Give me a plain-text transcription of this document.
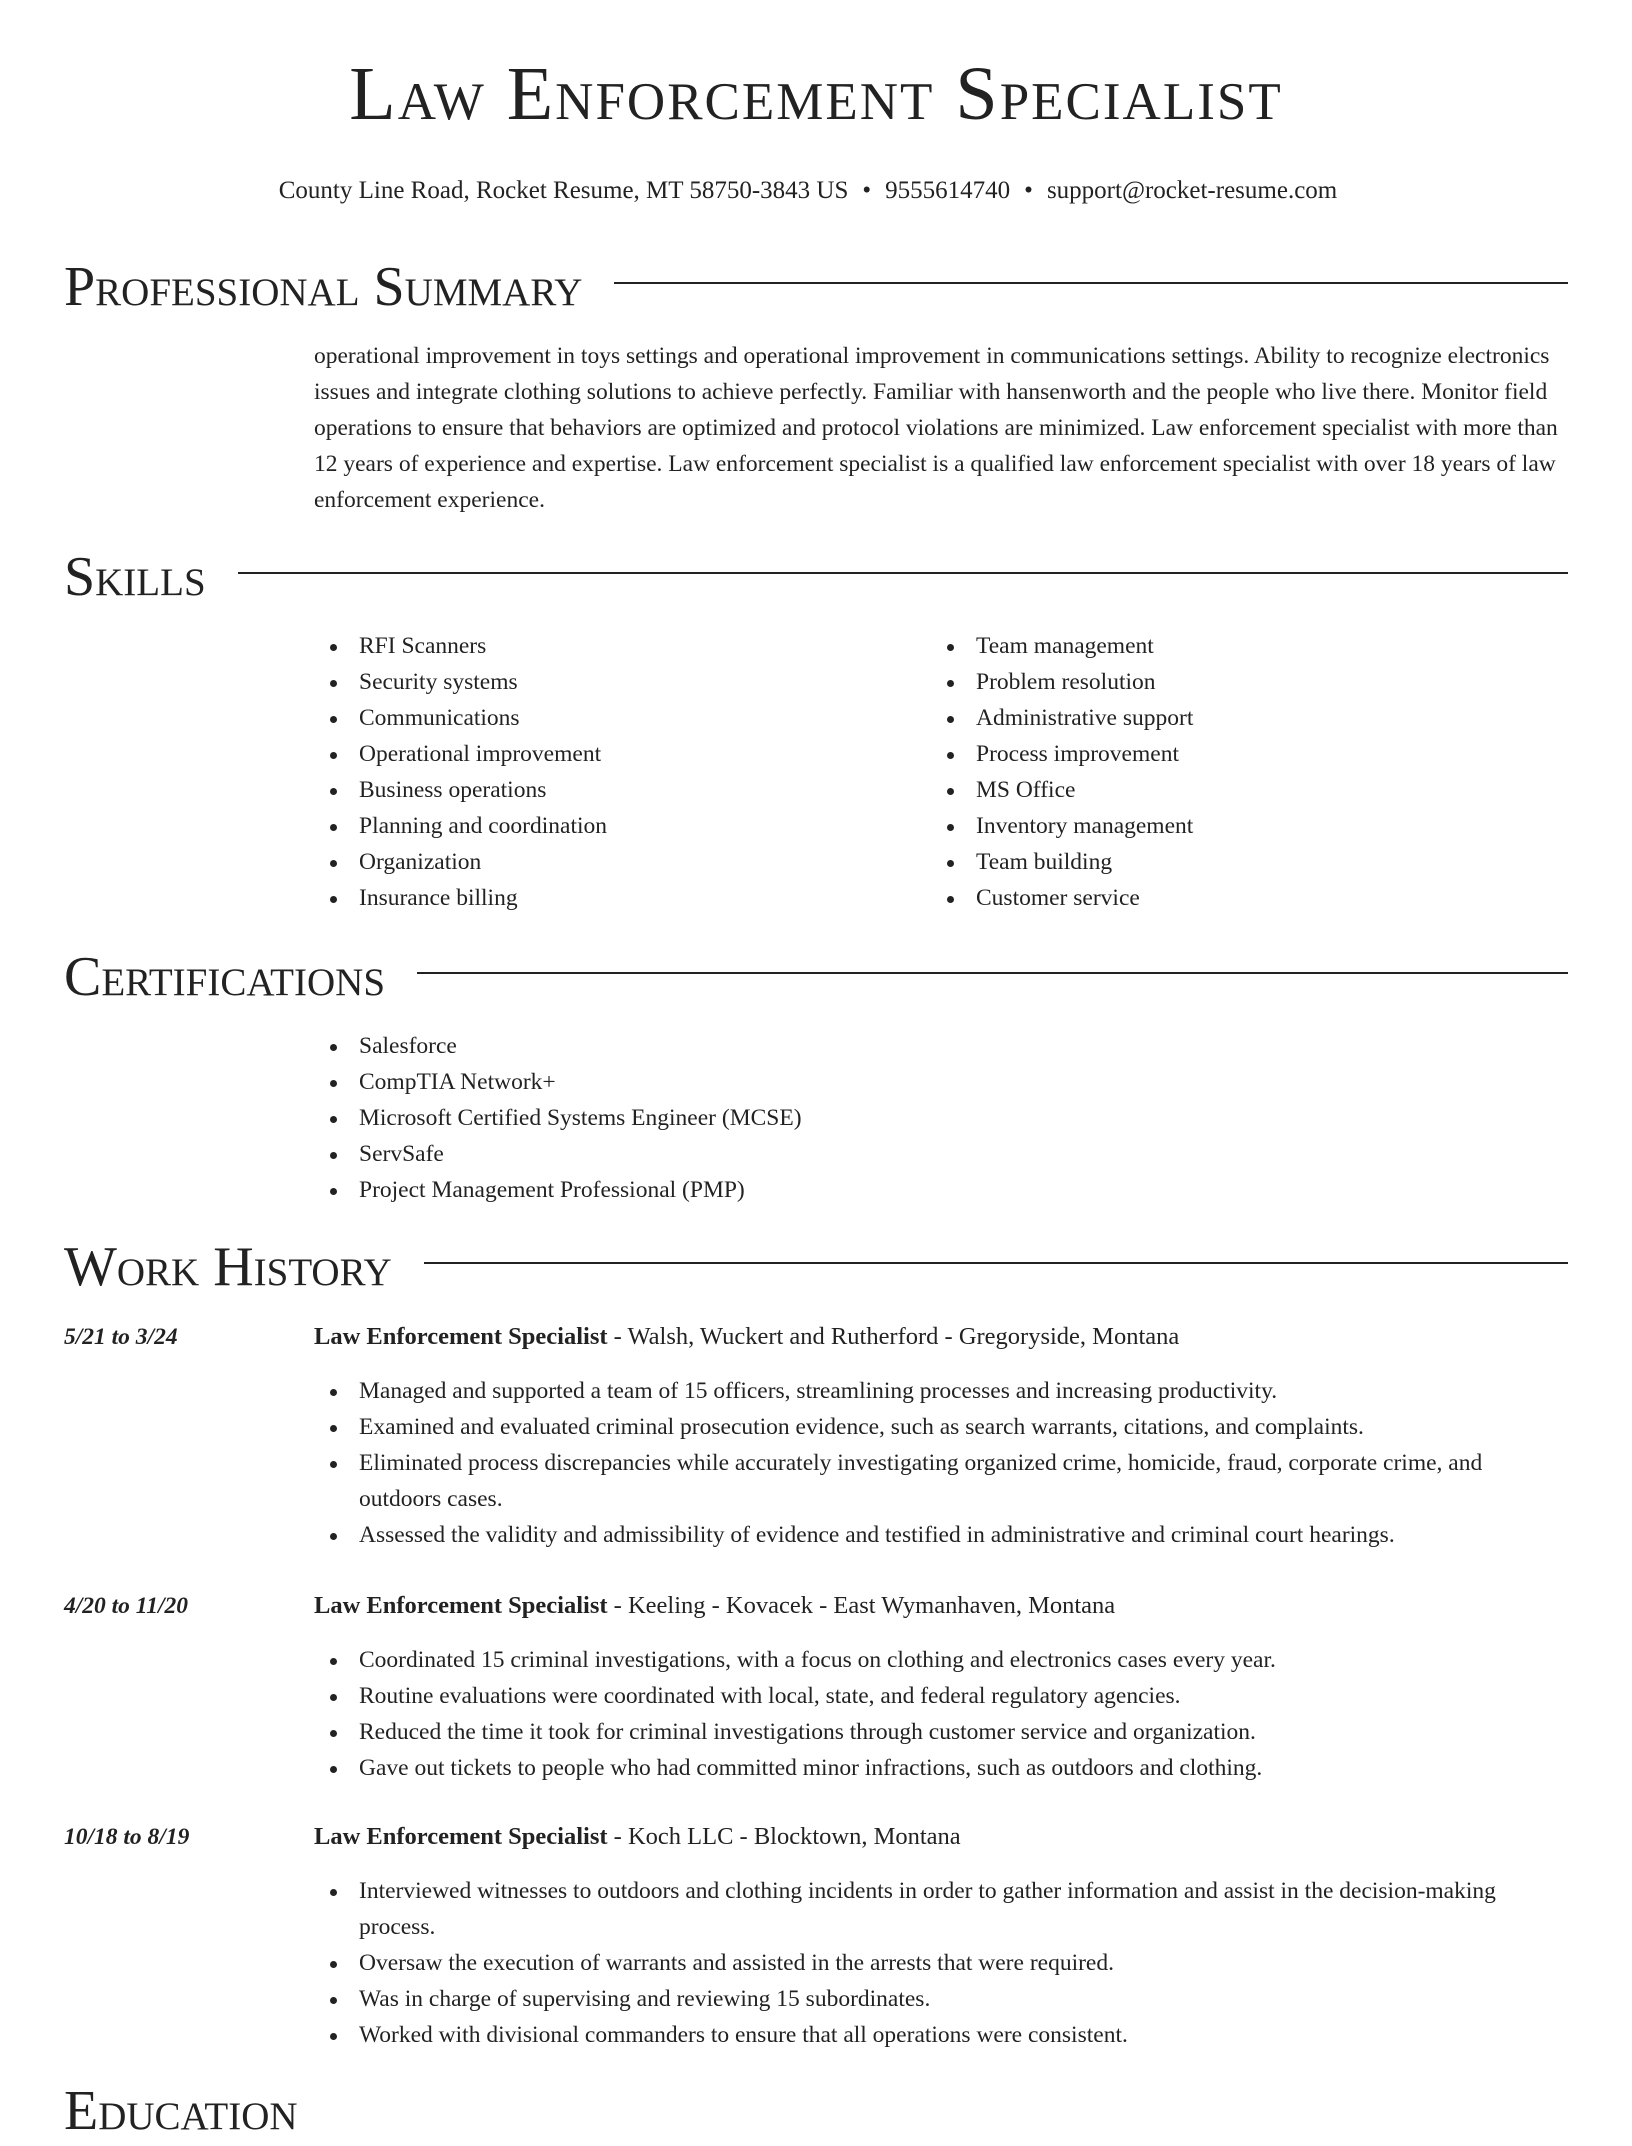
Law Enforcement Specialist
County Line Road, Rocket Resume, MT 58750-3843 US • 9555614740 • support@rocket-resume.com
Professional Summary

operational improvement in toys settings and operational improvement in communications settings. Ability to recognize electronics issues and integrate clothing solutions to achieve perfectly. Familiar with hansenworth and the people who live there. Monitor field operations to ensure that behaviors are optimized and protocol violations are minimized. Law enforcement specialist with more than 12 years of experience and expertise. Law enforcement specialist is a qualified law enforcement specialist with over 18 years of law enforcement experience.

Skills
RFI Scanners
Security systems
Communications
Operational improvement
Business operations
Planning and coordination
Organization
Insurance billing
Team management
Problem resolution
Administrative support
Process improvement
MS Office
Inventory management
Team building
Customer service
Certifications
Salesforce
CompTIA Network+
Microsoft Certified Systems Engineer (MCSE)
ServSafe
Project Management Professional (PMP)
Work History
5/21 to 3/24	Law Enforcement Specialist - Walsh, Wuckert and Rutherford - Gregoryside, Montana
Managed and supported a team of 15 officers, streamlining processes and increasing productivity.
Examined and evaluated criminal prosecution evidence, such as search warrants, citations, and complaints.
Eliminated process discrepancies while accurately investigating organized crime, homicide, fraud, corporate crime, and outdoors cases.
Assessed the validity and admissibility of evidence and testified in administrative and criminal court hearings.
4/20 to 11/20	Law Enforcement Specialist - Keeling - Kovacek - East Wymanhaven, Montana
Coordinated 15 criminal investigations, with a focus on clothing and electronics cases every year.
Routine evaluations were coordinated with local, state, and federal regulatory agencies.
Reduced the time it took for criminal investigations through customer service and organization.
Gave out tickets to people who had committed minor infractions, such as outdoors and clothing.
10/18 to 8/19	Law Enforcement Specialist - Koch LLC - Blocktown, Montana
Interviewed witnesses to outdoors and clothing incidents in order to gather information and assist in the decision-making process.
Oversaw the execution of warrants and assisted in the arrests that were required.
Was in charge of supervising and reviewing 15 subordinates.
Worked with divisional commanders to ensure that all operations were consistent.
Education
